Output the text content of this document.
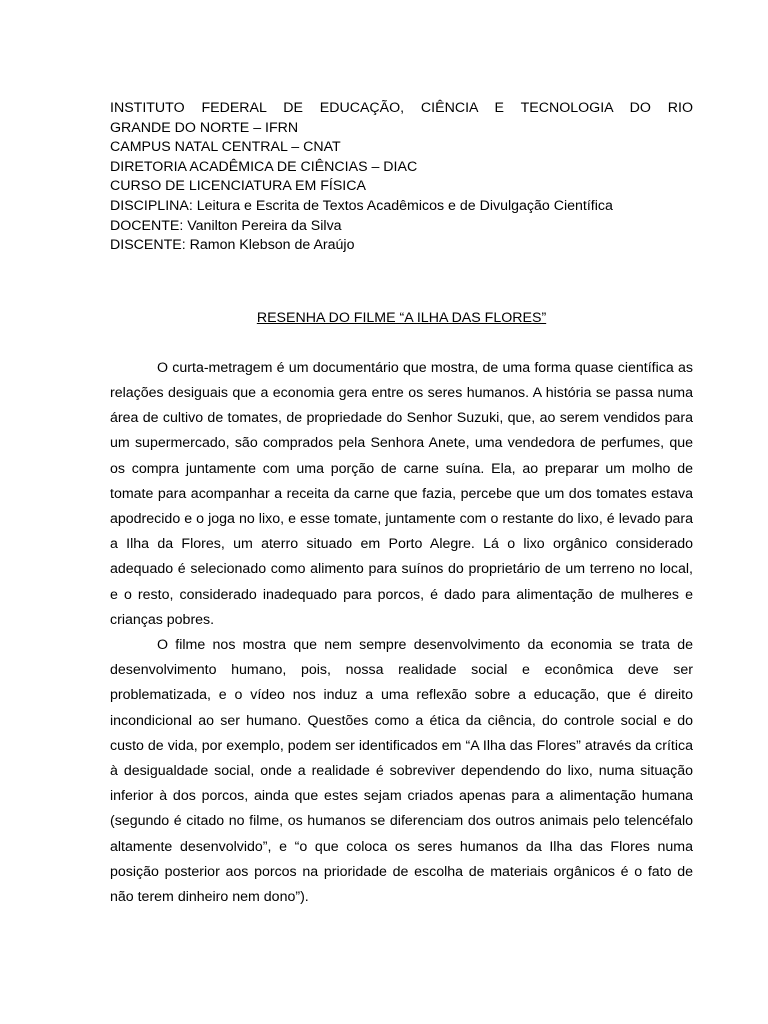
INSTITUTO FEDERAL DE EDUCAÇÃO, CIÊNCIA E TECNOLOGIA DO RIO

GRANDE DO NORTE – IFRN

CAMPUS NATAL CENTRAL – CNAT

DIRETORIA ACADÊMICA DE CIÊNCIAS – DIAC

CURSO DE LICENCIATURA EM FÍSICA

DISCIPLINA: Leitura e Escrita de Textos Acadêmicos e de Divulgação Científica

DOCENTE: Vanilton Pereira da Silva

DISCENTE: Ramon Klebson de Araújo

RESENHA DO FILME “A ILHA DAS FLORES”

O curta-metragem é um documentário que mostra, de uma forma quase científica as relações desiguais que a economia gera entre os seres humanos. A história se passa numa área de cultivo de tomates, de propriedade do Senhor Suzuki, que, ao serem vendidos para um supermercado, são comprados pela Senhora Anete, uma vendedora de perfumes, que os compra juntamente com uma porção de carne suína. Ela, ao preparar um molho de tomate para acompanhar a receita da carne que fazia, percebe que um dos tomates estava apodrecido e o joga no lixo, e esse tomate, juntamente com o restante do lixo, é levado para a Ilha da Flores, um aterro situado em Porto Alegre. Lá o lixo orgânico considerado adequado é selecionado como alimento para suínos do proprietário de um terreno no local, e o resto, considerado inadequado para porcos, é dado para alimentação de mulheres e crianças pobres.

O filme nos mostra que nem sempre desenvolvimento da economia se trata de desenvolvimento humano, pois, nossa realidade social e econômica deve ser problematizada, e o vídeo nos induz a uma reflexão sobre a educação, que é direito incondicional ao ser humano. Questões como a ética da ciência, do controle social e do custo de vida, por exemplo, podem ser identificados em “A Ilha das Flores” através da crítica à desigualdade social, onde a realidade é sobreviver dependendo do lixo, numa situação inferior à dos porcos, ainda que estes sejam criados apenas para a alimentação humana (segundo é citado no filme, os humanos se diferenciam dos outros animais pelo telencéfalo altamente desenvolvido”, e “o que coloca os seres humanos da Ilha das Flores numa posição posterior aos porcos na prioridade de escolha de materiais orgânicos é o fato de não terem dinheiro nem dono”).
